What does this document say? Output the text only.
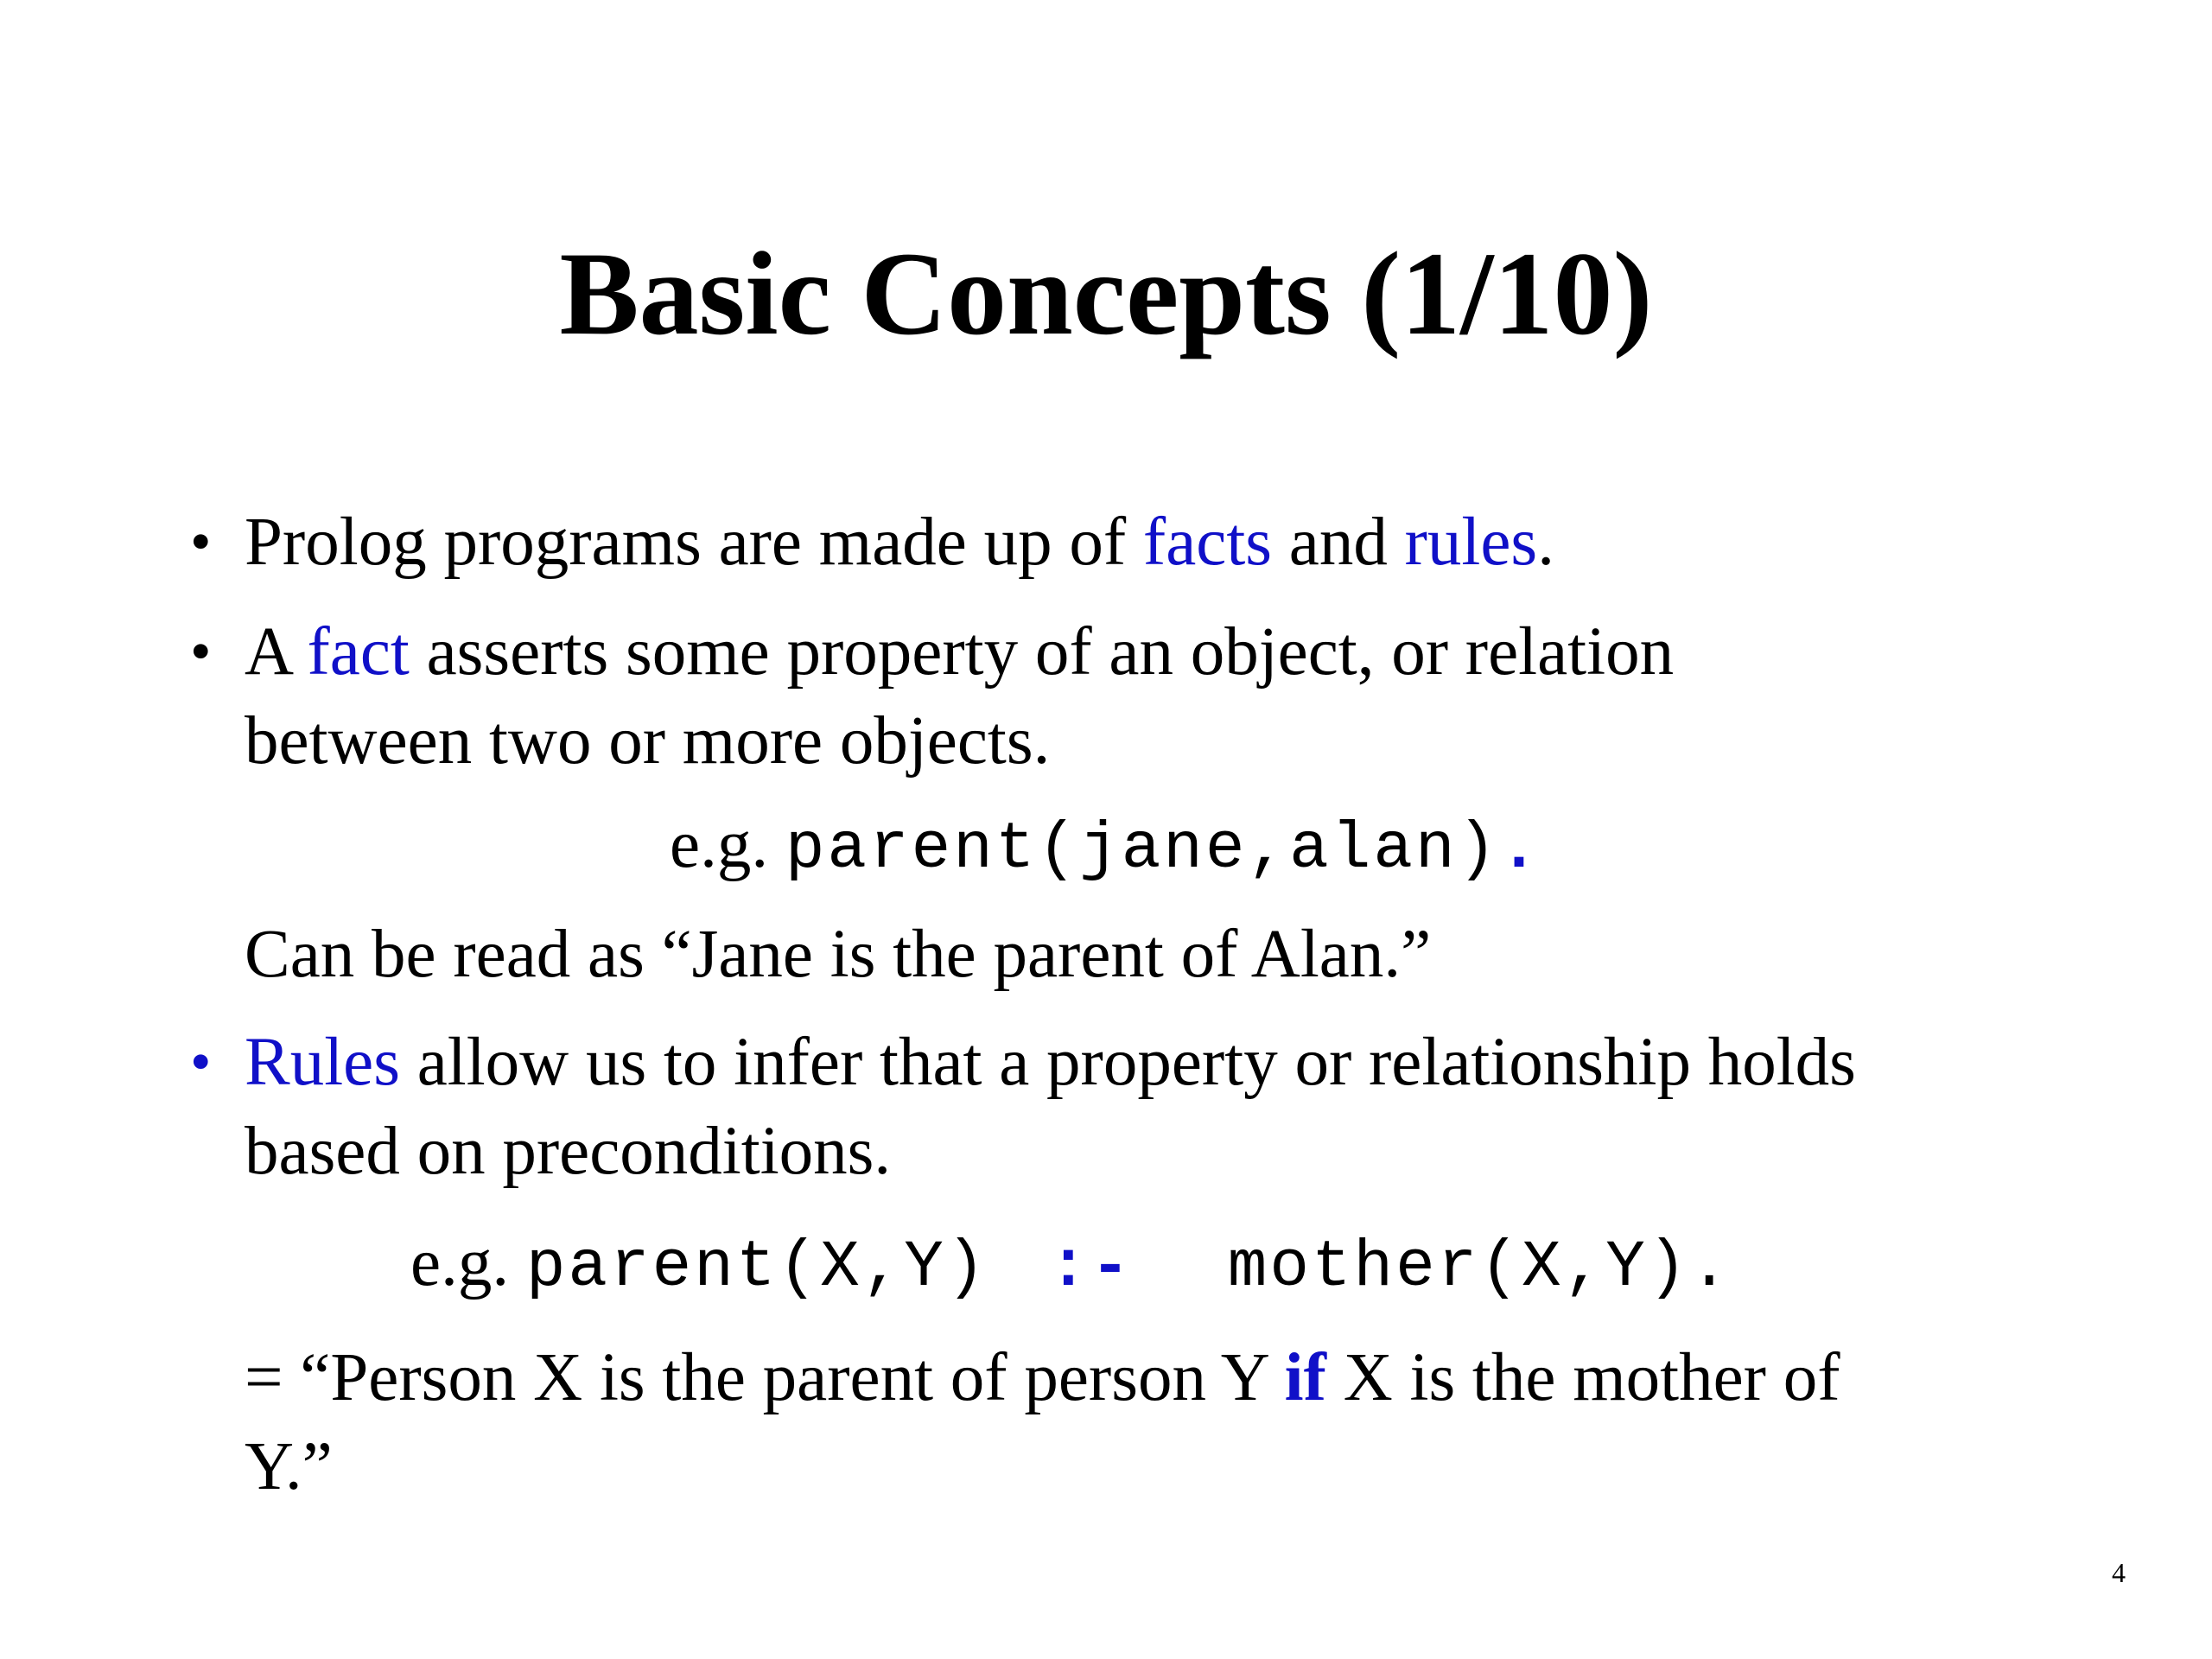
Basic Concepts (1/10)
• Prolog programs are made up of facts and rules.
• A fact asserts some property of an object, or relation
between two or more objects.
e.g. parent(jane,alan).
Can be read as “Jane is the parent of Alan.”
• Rules allow us to infer that a property or relationship holds
based on preconditions.
e.g. parent(X,Y) :- mother(X,Y).
= “Person X is the parent of person Y if X is the mother of
Y.”
4
